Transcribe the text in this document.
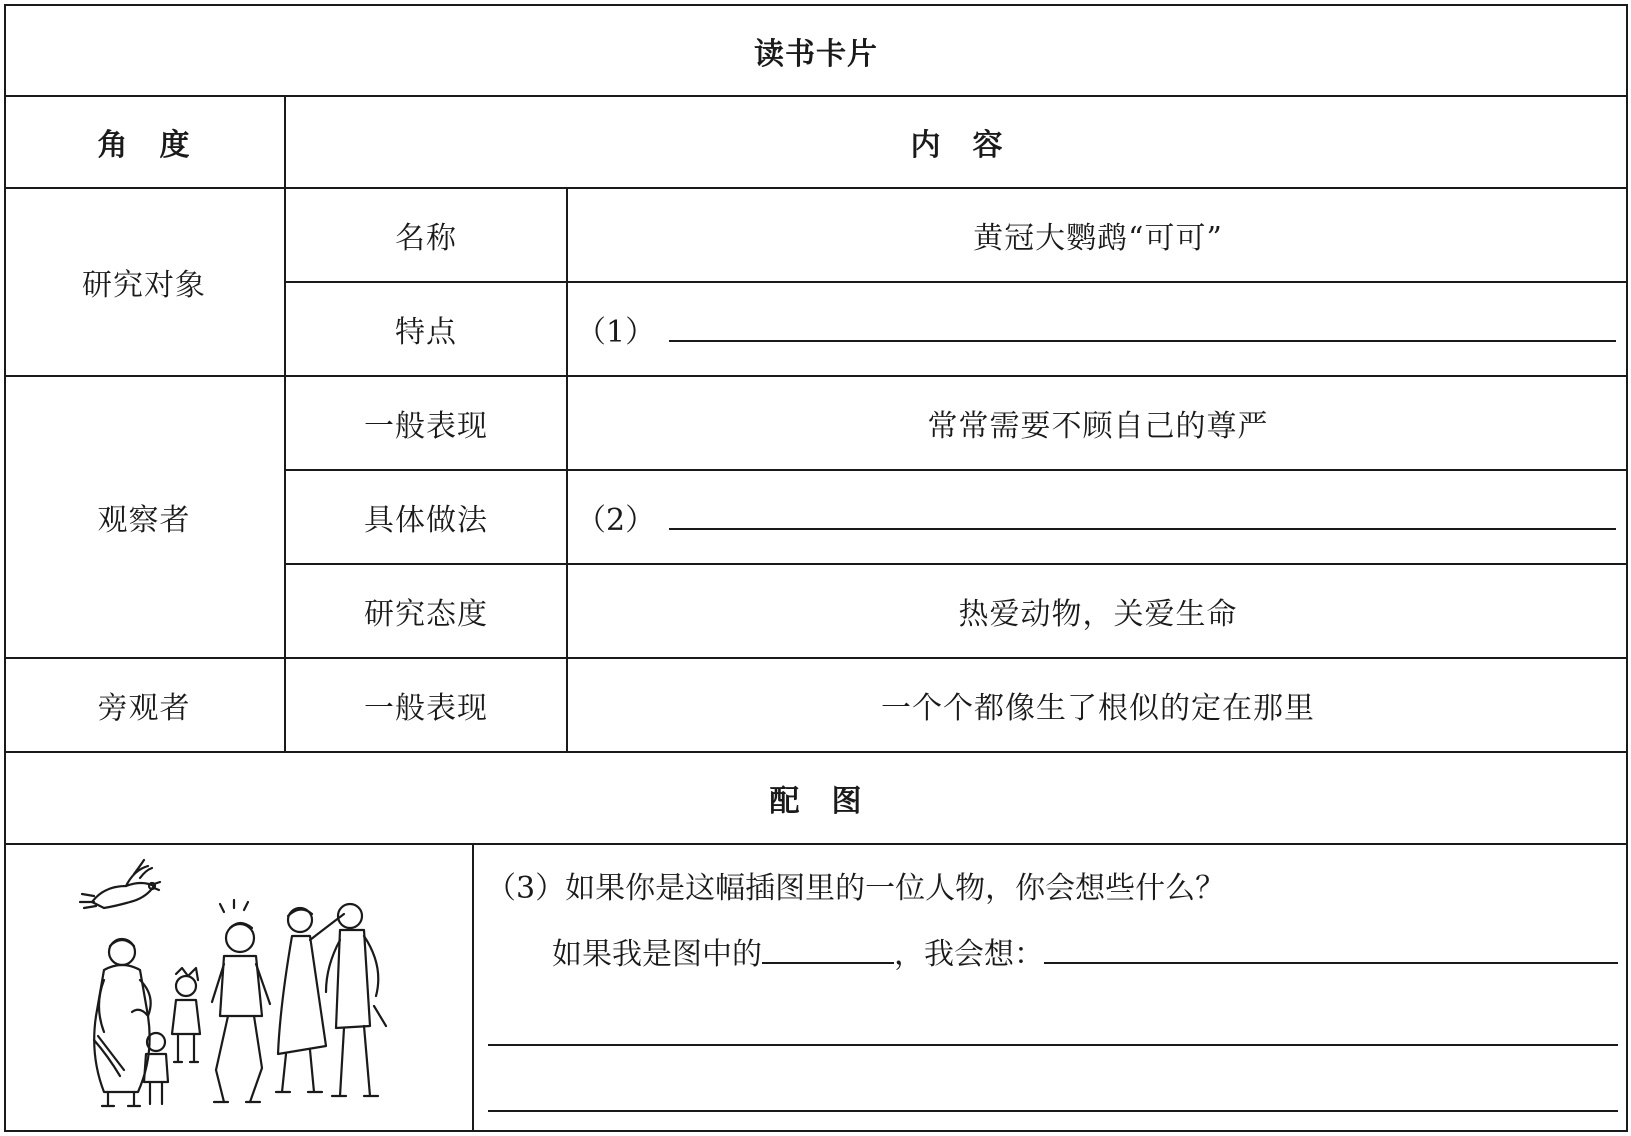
读书卡片
角　度	内　容
研究对象
名称	黄冠大鹦鹉“可可”
特点	（1）
观察者
一般表现	常常需要不顾自己的尊严
具体做法	（2）
研究态度	热爱动物，关爱生命
旁观者	一般表现	一个个都像生了根似的定在那里
配　图
（3）如果你是这幅插图里的一位人物，你会想些什么？
如果我是图中的	，我会想：
